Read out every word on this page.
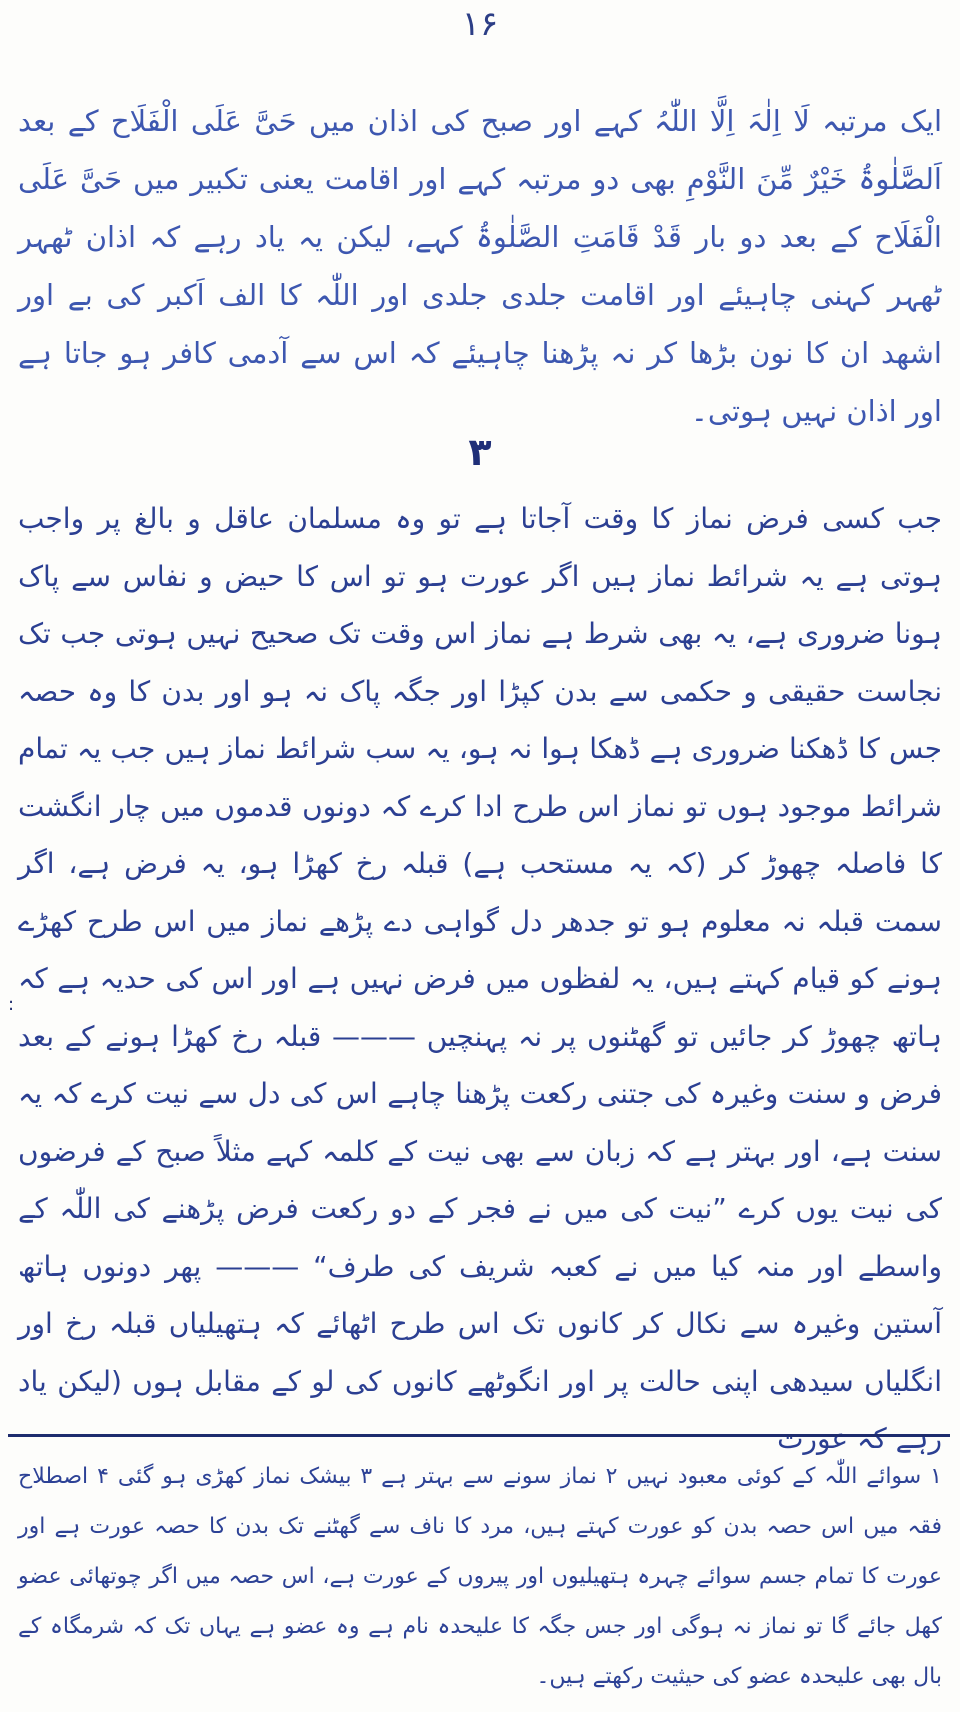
۱۶

ایک مرتبہ لَا اِلٰہَ اِلَّا اللّٰہُ کہے اور صبح کی اذان میں حَیَّ عَلَی الْفَلَاح کے بعد اَلصَّلٰوۃُ خَیْرٌ مِّنَ النَّوْمِ بھی دو مرتبہ کہے اور اقامت یعنی تکبیر میں حَیَّ عَلَی الْفَلَاح کے بعد دو بار قَدْ قَامَتِ الصَّلٰوۃُ کہے، لیکن یہ یاد رہے کہ اذان ٹھہر ٹھہر کہنی چاہیئے اور اقامت جلدی جلدی اور اللّٰہ کا الف اَکبر کی بے اور اشھد ان کا نون بڑھا کر نہ پڑھنا چاہیئے کہ اس سے آدمی کافر ہو جاتا ہے اور اذان نہیں ہوتی۔

۳

جب کسی فرض نماز کا وقت آجاتا ہے تو وہ مسلمان عاقل و بالغ پر واجب ہوتی ہے یہ شرائط نماز ہیں اگر عورت ہو تو اس کا حیض و نفاس سے پاک ہونا ضروری ہے، یہ بھی شرط ہے نماز اس وقت تک صحیح نہیں ہوتی جب تک نجاست حقیقی و حکمی سے بدن کپڑا اور جگہ پاک نہ ہو اور بدن کا وہ حصہ جس کا ڈھکنا ضروری ہے ڈھکا ہوا نہ ہو، یہ سب شرائط نماز ہیں جب یہ تمام شرائط موجود ہوں تو نماز اس طرح ادا کرے کہ دونوں قدموں میں چار انگشت کا فاصلہ چھوڑ کر (کہ یہ مستحب ہے) قبلہ رخ کھڑا ہو، یہ فرض ہے، اگر سمت قبلہ نہ معلوم ہو تو جدھر دل گواہی دے پڑھے نماز میں اس طرح کھڑے ہونے کو قیام کہتے ہیں، یہ لفظوں میں فرض نہیں ہے اور اس کی حدیہ ہے کہ ہاتھ چھوڑ کر جائیں تو گھٹنوں پر نہ پہنچیں ——— قبلہ رخ کھڑا ہونے کے بعد فرض و سنت وغیرہ کی جتنی رکعت پڑھنا چاہے اس کی دل سے نیت کرے کہ یہ سنت ہے، اور بہتر ہے کہ زبان سے بھی نیت کے کلمہ کہے مثلاً صبح کے فرضوں کی نیت یوں کرے ”نیت کی میں نے فجر کے دو رکعت فرض پڑھنے کی اللّٰہ کے واسطے اور منہ کیا میں نے کعبہ شریف کی طرف“ ——— پھر دونوں ہاتھ آستین وغیرہ سے نکال کر کانوں تک اس طرح اٹھائے کہ ہتھیلیاں قبلہ رخ اور انگلیاں سیدھی اپنی حالت پر اور انگوٹھے کانوں کی لو کے مقابل ہوں (لیکن یاد رہے کہ عورت

:

۱ سوائے اللّٰہ کے کوئی معبود نہیں ۲ نماز سونے سے بہتر ہے ۳ بیشک نماز کھڑی ہو گئی ۴ اصطلاح فقہ میں اس حصہ بدن کو عورت کہتے ہیں، مرد کا ناف سے گھٹنے تک بدن کا حصہ عورت ہے اور عورت کا تمام جسم سوائے چہرہ ہتھیلیوں اور پیروں کے عورت ہے، اس حصہ میں اگر چوتھائی عضو کھل جائے گا تو نماز نہ ہوگی اور جس جگہ کا علیحدہ نام ہے وہ عضو ہے یہاں تک کہ شرمگاہ کے بال بھی علیحدہ عضو کی حیثیت رکھتے ہیں۔
